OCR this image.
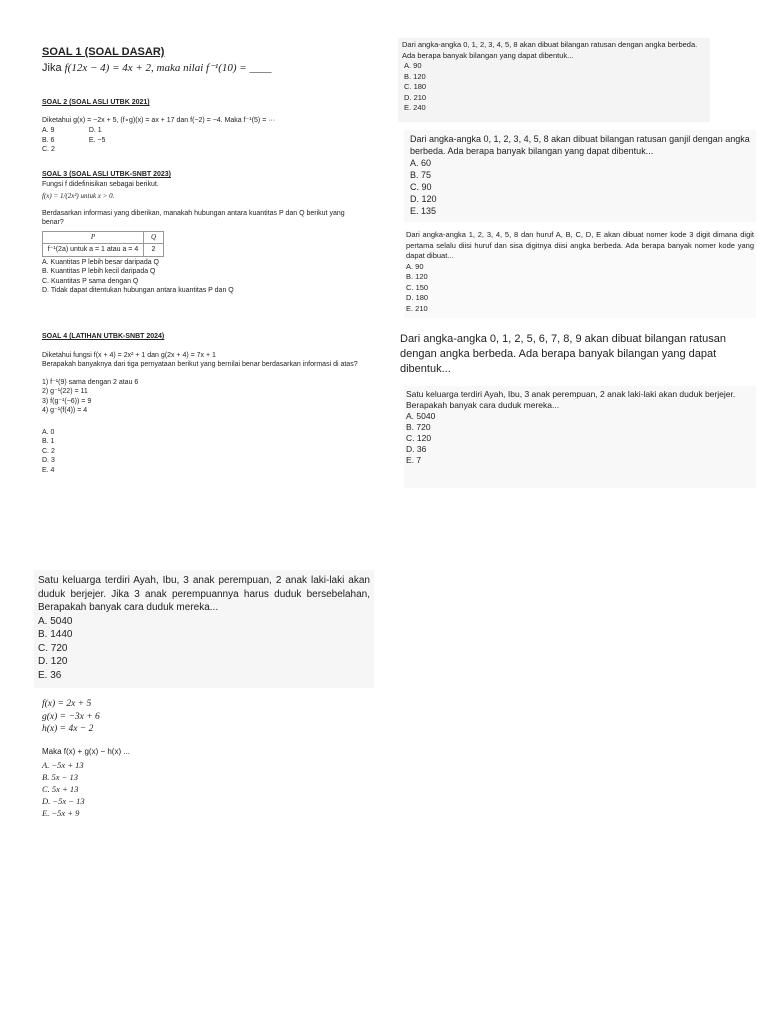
SOAL 1 (SOAL DASAR)
Jika f(12x − 4) = 4x + 2, maka nilai f⁻¹(10) = ____
SOAL 2 (SOAL ASLI UTBK 2021)
Diketahui g(x) = −2x + 5, (f∘g)(x) = ax + 17 dan f(−2) = −4. Maka f⁻¹(5) = ···
A. 9
B. 6
C. 2
D. 1
E. −5
SOAL 3 (SOAL ASLI UTBK-SNBT 2023)
Fungsi f didefinisikan sebagai berikut.
f(x) = 1/(2x²) untuk x > 0.
Berdasarkan informasi yang diberikan, manakah hubungan antara kuantitas P dan Q berikut yang benar?
P	Q
f⁻¹(2a) untuk a = 1 atau a = 4	2
A. Kuantitas P lebih besar daripada Q
B. Kuantitas P lebih kecil daripada Q
C. Kuantitas P sama dengan Q
D. Tidak dapat ditentukan hubungan antara kuantitas P dan Q
SOAL 4 (LATIHAN UTBK-SNBT 2024)
Diketahui fungsi f(x + 4) = 2x² + 1 dan g(2x + 4) = 7x + 1
Berapakah banyaknya dari tiga pernyataan berikut yang bernilai benar berdasarkan informasi di atas?
1) f⁻¹(9) sama dengan 2 atau 6
2) g⁻¹(22) = 11
3) f(g⁻¹(−6)) = 9
4) g⁻¹(f(4)) = 4
A. 0
B. 1
C. 2
D. 3
E. 4
Dari angka-angka 0, 1, 2, 3, 4, 5, 8 akan dibuat bilangan ratusan dengan angka berbeda. Ada berapa banyak bilangan yang dapat dibentuk...
A. 90
B. 120
C. 180
D. 210
E. 240
Dari angka-angka 0, 1, 2, 3, 4, 5, 8 akan dibuat bilangan ratusan ganjil dengan angka berbeda. Ada berapa banyak bilangan yang dapat dibentuk...
A. 60
B. 75
C. 90
D. 120
E. 135
Dari angka-angka 1, 2, 3, 4, 5, 8 dan huruf A, B, C, D, E akan dibuat nomer kode 3 digit dimana digit pertama selalu diisi huruf dan sisa digitnya diisi angka berbeda. Ada berapa banyak nomer kode yang dapat dibuat...
A. 90
B. 120
C. 150
D. 180
E. 210
Dari angka-angka 0, 1, 2, 5, 6, 7, 8, 9 akan dibuat bilangan ratusan dengan angka berbeda. Ada berapa banyak bilangan yang dapat dibentuk...
Satu keluarga terdiri Ayah, Ibu, 3 anak perempuan, 2 anak laki-laki akan duduk berjejer.
Berapakah banyak cara duduk mereka...
A. 5040
B. 720
C. 120
D. 36
E. 7
Satu keluarga terdiri Ayah, Ibu, 3 anak perempuan, 2 anak laki-laki akan duduk berjejer. Jika 3 anak perempuannya harus duduk bersebelahan, Berapakah banyak cara duduk mereka...
A. 5040
B. 1440
C. 720
D. 120
E. 36
f(x) = 2x + 5
g(x) = −3x + 6
h(x) = 4x − 2
Maka f(x) + g(x) − h(x) ...
A. −5x + 13
B. 5x − 13
C. 5x + 13
D. −5x − 13
E. −5x + 9
